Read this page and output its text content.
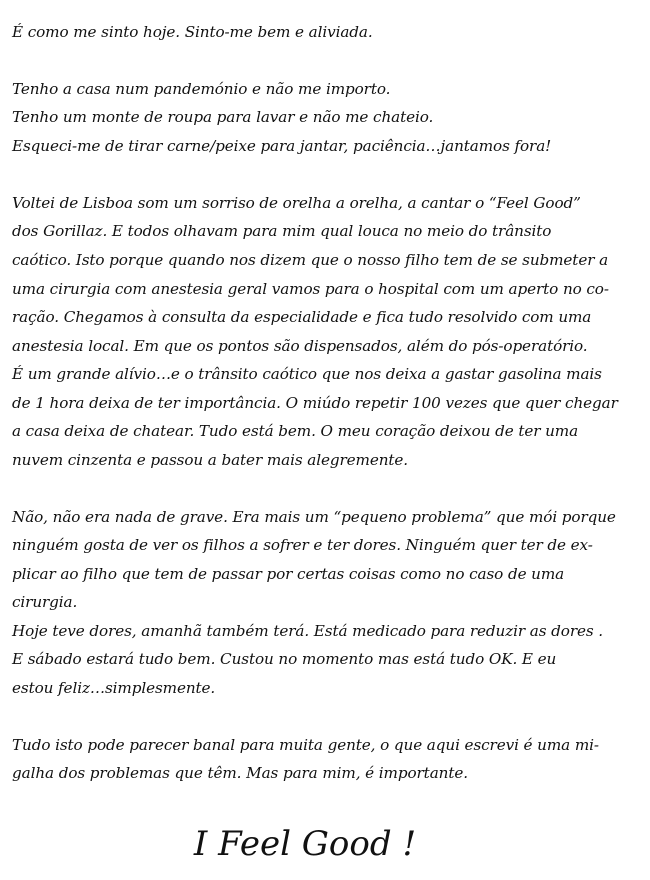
É como me sinto hoje. Sinto-me bem e aliviada.
Tenho a casa num pandemónio e não me importo.
Tenho um monte de roupa para lavar e não me chateio.
Esqueci-me de tirar carne/peixe para jantar, paciência…jantamos fora!
Voltei de Lisboa som um sorriso de orelha a orelha, a cantar o “Feel Good”
dos Gorillaz. E todos olhavam para mim qual louca no meio do trânsito
caótico. Isto porque quando nos dizem que o nosso filho tem de se submeter a
uma cirurgia com anestesia geral vamos para o hospital com um aperto no co-
ração. Chegamos à consulta da especialidade e fica tudo resolvido com uma
anestesia local. Em que os pontos são dispensados, além do pós-operatório.
É um grande alívio…e o trânsito caótico que nos deixa a gastar gasolina mais
de 1 hora deixa de ter importância. O miúdo repetir 100 vezes que quer chegar
a casa deixa de chatear. Tudo está bem. O meu coração deixou de ter uma
nuvem cinzenta e passou a bater mais alegremente.
Não, não era nada de grave. Era mais um “pequeno problema” que mói porque
ninguém gosta de ver os filhos a sofrer e ter dores. Ninguém quer ter de ex-
plicar ao filho que tem de passar por certas coisas como no caso de uma
cirurgia.
Hoje teve dores, amanhã também terá. Está medicado para reduzir as dores .
E sábado estará tudo bem. Custou no momento mas está tudo OK. E eu
estou feliz…simplesmente.
Tudo isto pode parecer banal para muita gente, o que aqui escrevi é uma mi-
galha dos problemas que têm. Mas para mim, é importante.
I Feel Good !
